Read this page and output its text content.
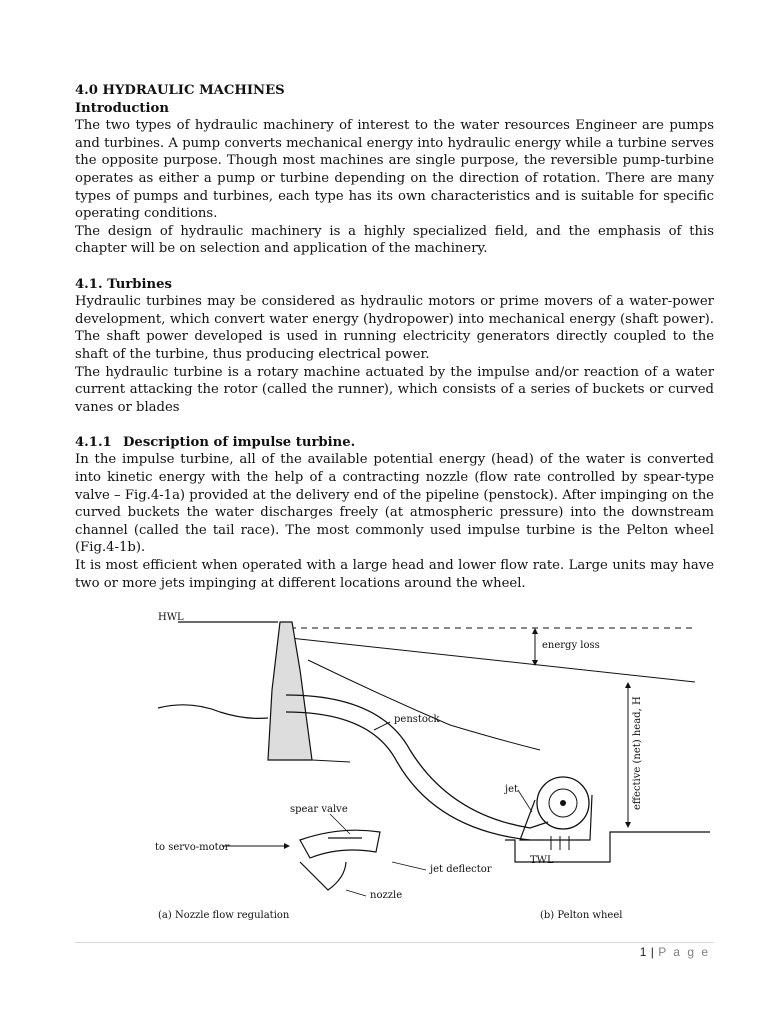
4.0 HYDRAULIC MACHINES

Introduction

The two types of hydraulic machinery of interest to the water resources Engineer are pumps and turbines. A pump converts mechanical energy into hydraulic energy while a turbine serves the opposite purpose. Though most machines are single purpose, the reversible pump-turbine operates as either a pump or turbine depending on the direction of rotation. There are many types of pumps and turbines, each type has its own characteristics and is suitable for specific operating conditions.

The design of hydraulic machinery is a highly specialized field, and the emphasis of this chapter will be on selection and application of the machinery.

4.1. Turbines

Hydraulic turbines may be considered as hydraulic motors or prime movers of a water-power development, which convert water energy (hydropower) into mechanical energy (shaft power). The shaft power developed is used in running electricity generators directly coupled to the shaft of the turbine, thus producing electrical power.

The hydraulic turbine is a rotary machine actuated by the impulse and/or reaction of a water current attacking the rotor (called the runner), which consists of a series of buckets or curved vanes or blades

4.1.1 Description of impulse turbine.

In the impulse turbine, all of the available potential energy (head) of the water is converted into kinetic energy with the help of a contracting nozzle (flow rate controlled by spear-type valve – Fig.4-1a) provided at the delivery end of the pipeline (penstock). After impinging on the curved buckets the water discharges freely (at atmospheric pressure) into the downstream channel (called the tail race). The most commonly used impulse turbine is the Pelton wheel (Fig.4-1b).

It is most efficient when operated with a large head and lower flow rate. Large units may have two or more jets impinging at different locations around the wheel.

HWL
energy loss
effective (net) head, H
penstock
jet
TWL
to servo-motor
spear valve
jet deflector
nozzle
(a) Nozzle flow regulation	(b) Pelton wheel
1 | P a g e
